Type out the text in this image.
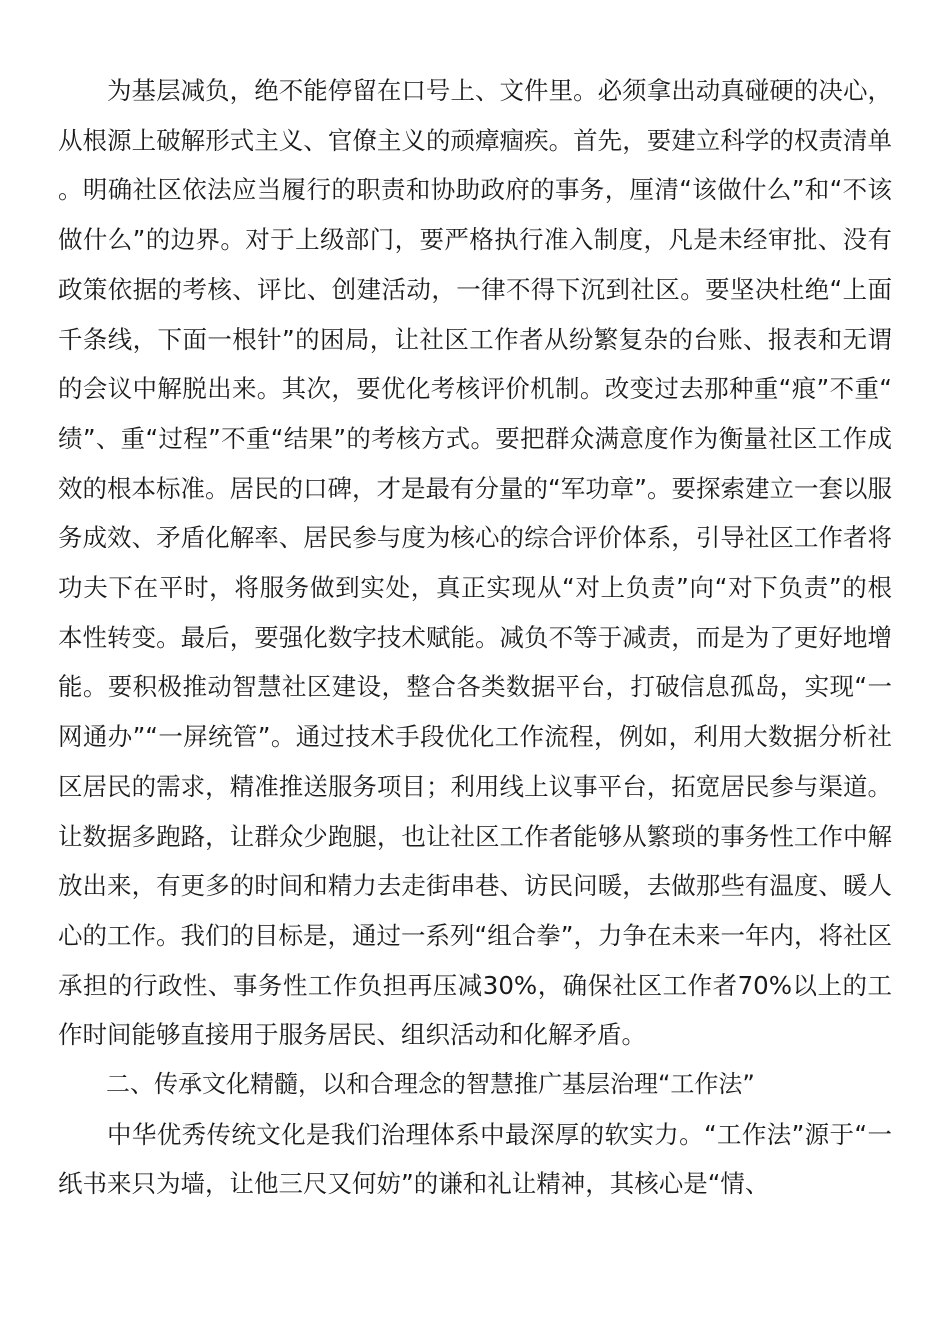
为基层减负，绝不能停留在口号上、文件里。必须拿出动真碰硬的决心，从根源上破解形式主义、官僚主义的顽瘴痼疾。首先，要建立科学的权责清单。明确社区依法应当履行的职责和协助政府的事务，厘清“该做什么”和“不该做什么”的边界。对于上级部门，要严格执行准入制度，凡是未经审批、没有政策依据的考核、评比、创建活动，一律不得下沉到社区。要坚决杜绝“上面千条线，下面一根针”的困局，让社区工作者从纷繁复杂的台账、报表和无谓的会议中解脱出来。其次，要优化考核评价机制。改变过去那种重“痕”不重“绩”、重“过程”不重“结果”的考核方式。要把群众满意度作为衡量社区工作成效的根本标准。居民的口碑，才是最有分量的“军功章”。要探索建立一套以服务成效、矛盾化解率、居民参与度为核心的综合评价体系，引导社区工作者将功夫下在平时，将服务做到实处，真正实现从“对上负责”向“对下负责”的根本性转变。最后，要强化数字技术赋能。减负不等于减责，而是为了更好地增能。要积极推动智慧社区建设，整合各类数据平台，打破信息孤岛，实现“一网通办”“一屏统管”。通过技术手段优化工作流程，例如，利用大数据分析社区居民的需求，精准推送服务项目；利用线上议事平台，拓宽居民参与渠道。让数据多跑路，让群众少跑腿，也让社区工作者能够从繁琐的事务性工作中解放出来，有更多的时间和精力去走街串巷、访民问暖，去做那些有温度、暖人心的工作。我们的目标是，通过一系列“组合拳”，力争在未来一年内，将社区承担的行政性、事务性工作负担再压减30%，确保社区工作者70%以上的工作时间能够直接用于服务居民、组织活动和化解矛盾。

二、传承文化精髓，以和合理念的智慧推广基层治理“工作法”

中华优秀传统文化是我们治理体系中最深厚的软实力。“工作法”源于“一纸书来只为墙，让他三尺又何妨”的谦和礼让精神，其核心是“情、
